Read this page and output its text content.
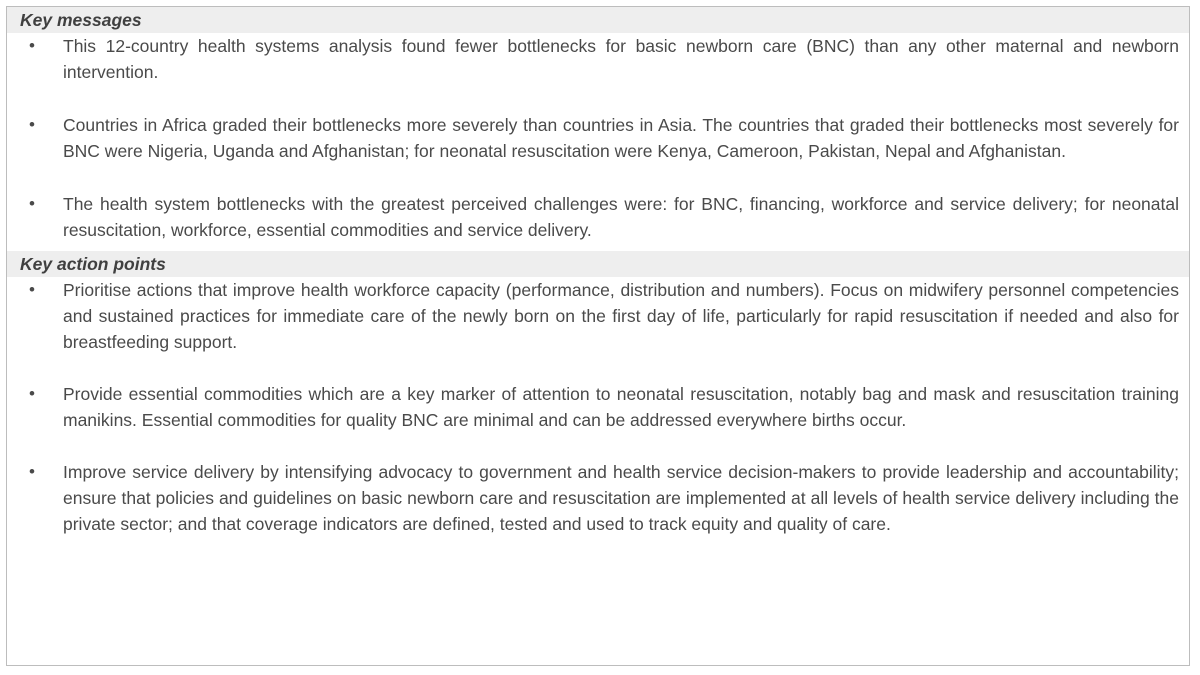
Key messages
• This 12-country health systems analysis found fewer bottlenecks for basic newborn care (BNC) than any other maternal and newborn intervention.
• Countries in Africa graded their bottlenecks more severely than countries in Asia. The countries that graded their bottlenecks most severely for BNC were Nigeria, Uganda and Afghanistan; for neonatal resuscitation were Kenya, Cameroon, Pakistan, Nepal and Afghanistan.
• The health system bottlenecks with the greatest perceived challenges were: for BNC, financing, workforce and service delivery; for neonatal resuscitation, workforce, essential commodities and service delivery.
Key action points
• Prioritise actions that improve health workforce capacity (performance, distribution and numbers). Focus on midwifery personnel competencies and sustained practices for immediate care of the newly born on the first day of life, particularly for rapid resuscitation if needed and also for breastfeeding support.
• Provide essential commodities which are a key marker of attention to neonatal resuscitation, notably bag and mask and resuscitation training manikins. Essential commodities for quality BNC are minimal and can be addressed everywhere births occur.
• Improve service delivery by intensifying advocacy to government and health service decision-makers to provide leadership and accountability; ensure that policies and guidelines on basic newborn care and resuscitation are implemented at all levels of health service delivery including the private sector; and that coverage indicators are defined, tested and used to track equity and quality of care.
